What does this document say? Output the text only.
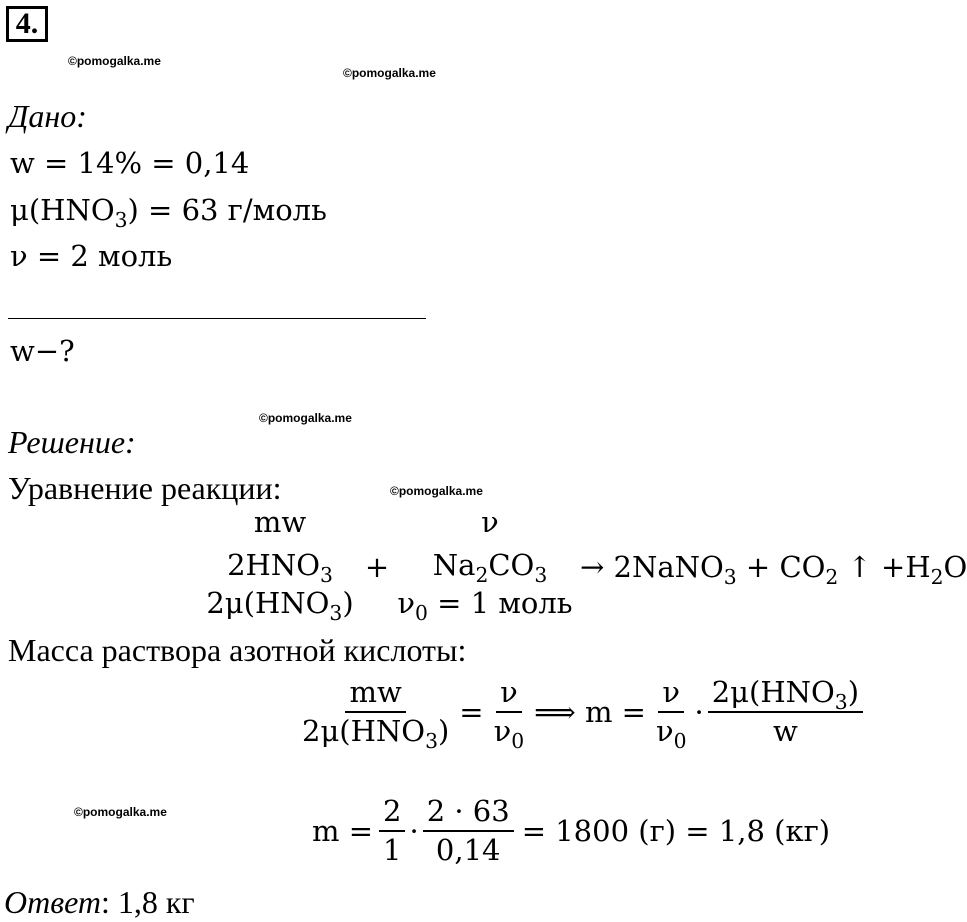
4.
©pomogalka.me
©pomogalka.me
©pomogalka.me
©pomogalka.me
©pomogalka.me
Дано:
w = 14% = 0,14
$\mu(HNO_3) = 63$ г/моль
ν = 2 моль
w−?
Решение:
Уравнение реакции:
mw	ν
$2HNO_3$	+	$Na_2CO_3$	→ 2NaNO$_3$ + $CO_2$ ↑ $+H_2O$
$2\mu(HNO_3)$	$\nu_0 = 1$ моль
Масса раствора азотной кислоты:
$\frac{mw}{2\mu(HNO_3)} = \frac{\nu}{\nu_0}$ ⟹ $m = \frac{\nu}{\nu_0} \cdot \frac{2\mu(HNO_3)}{w}$
$m = \frac{2}{1} \cdot \frac{2 \cdot 63}{0,14} = 1800$ (г) = 1,8 (кг)
Ответ: 1,8 кг
